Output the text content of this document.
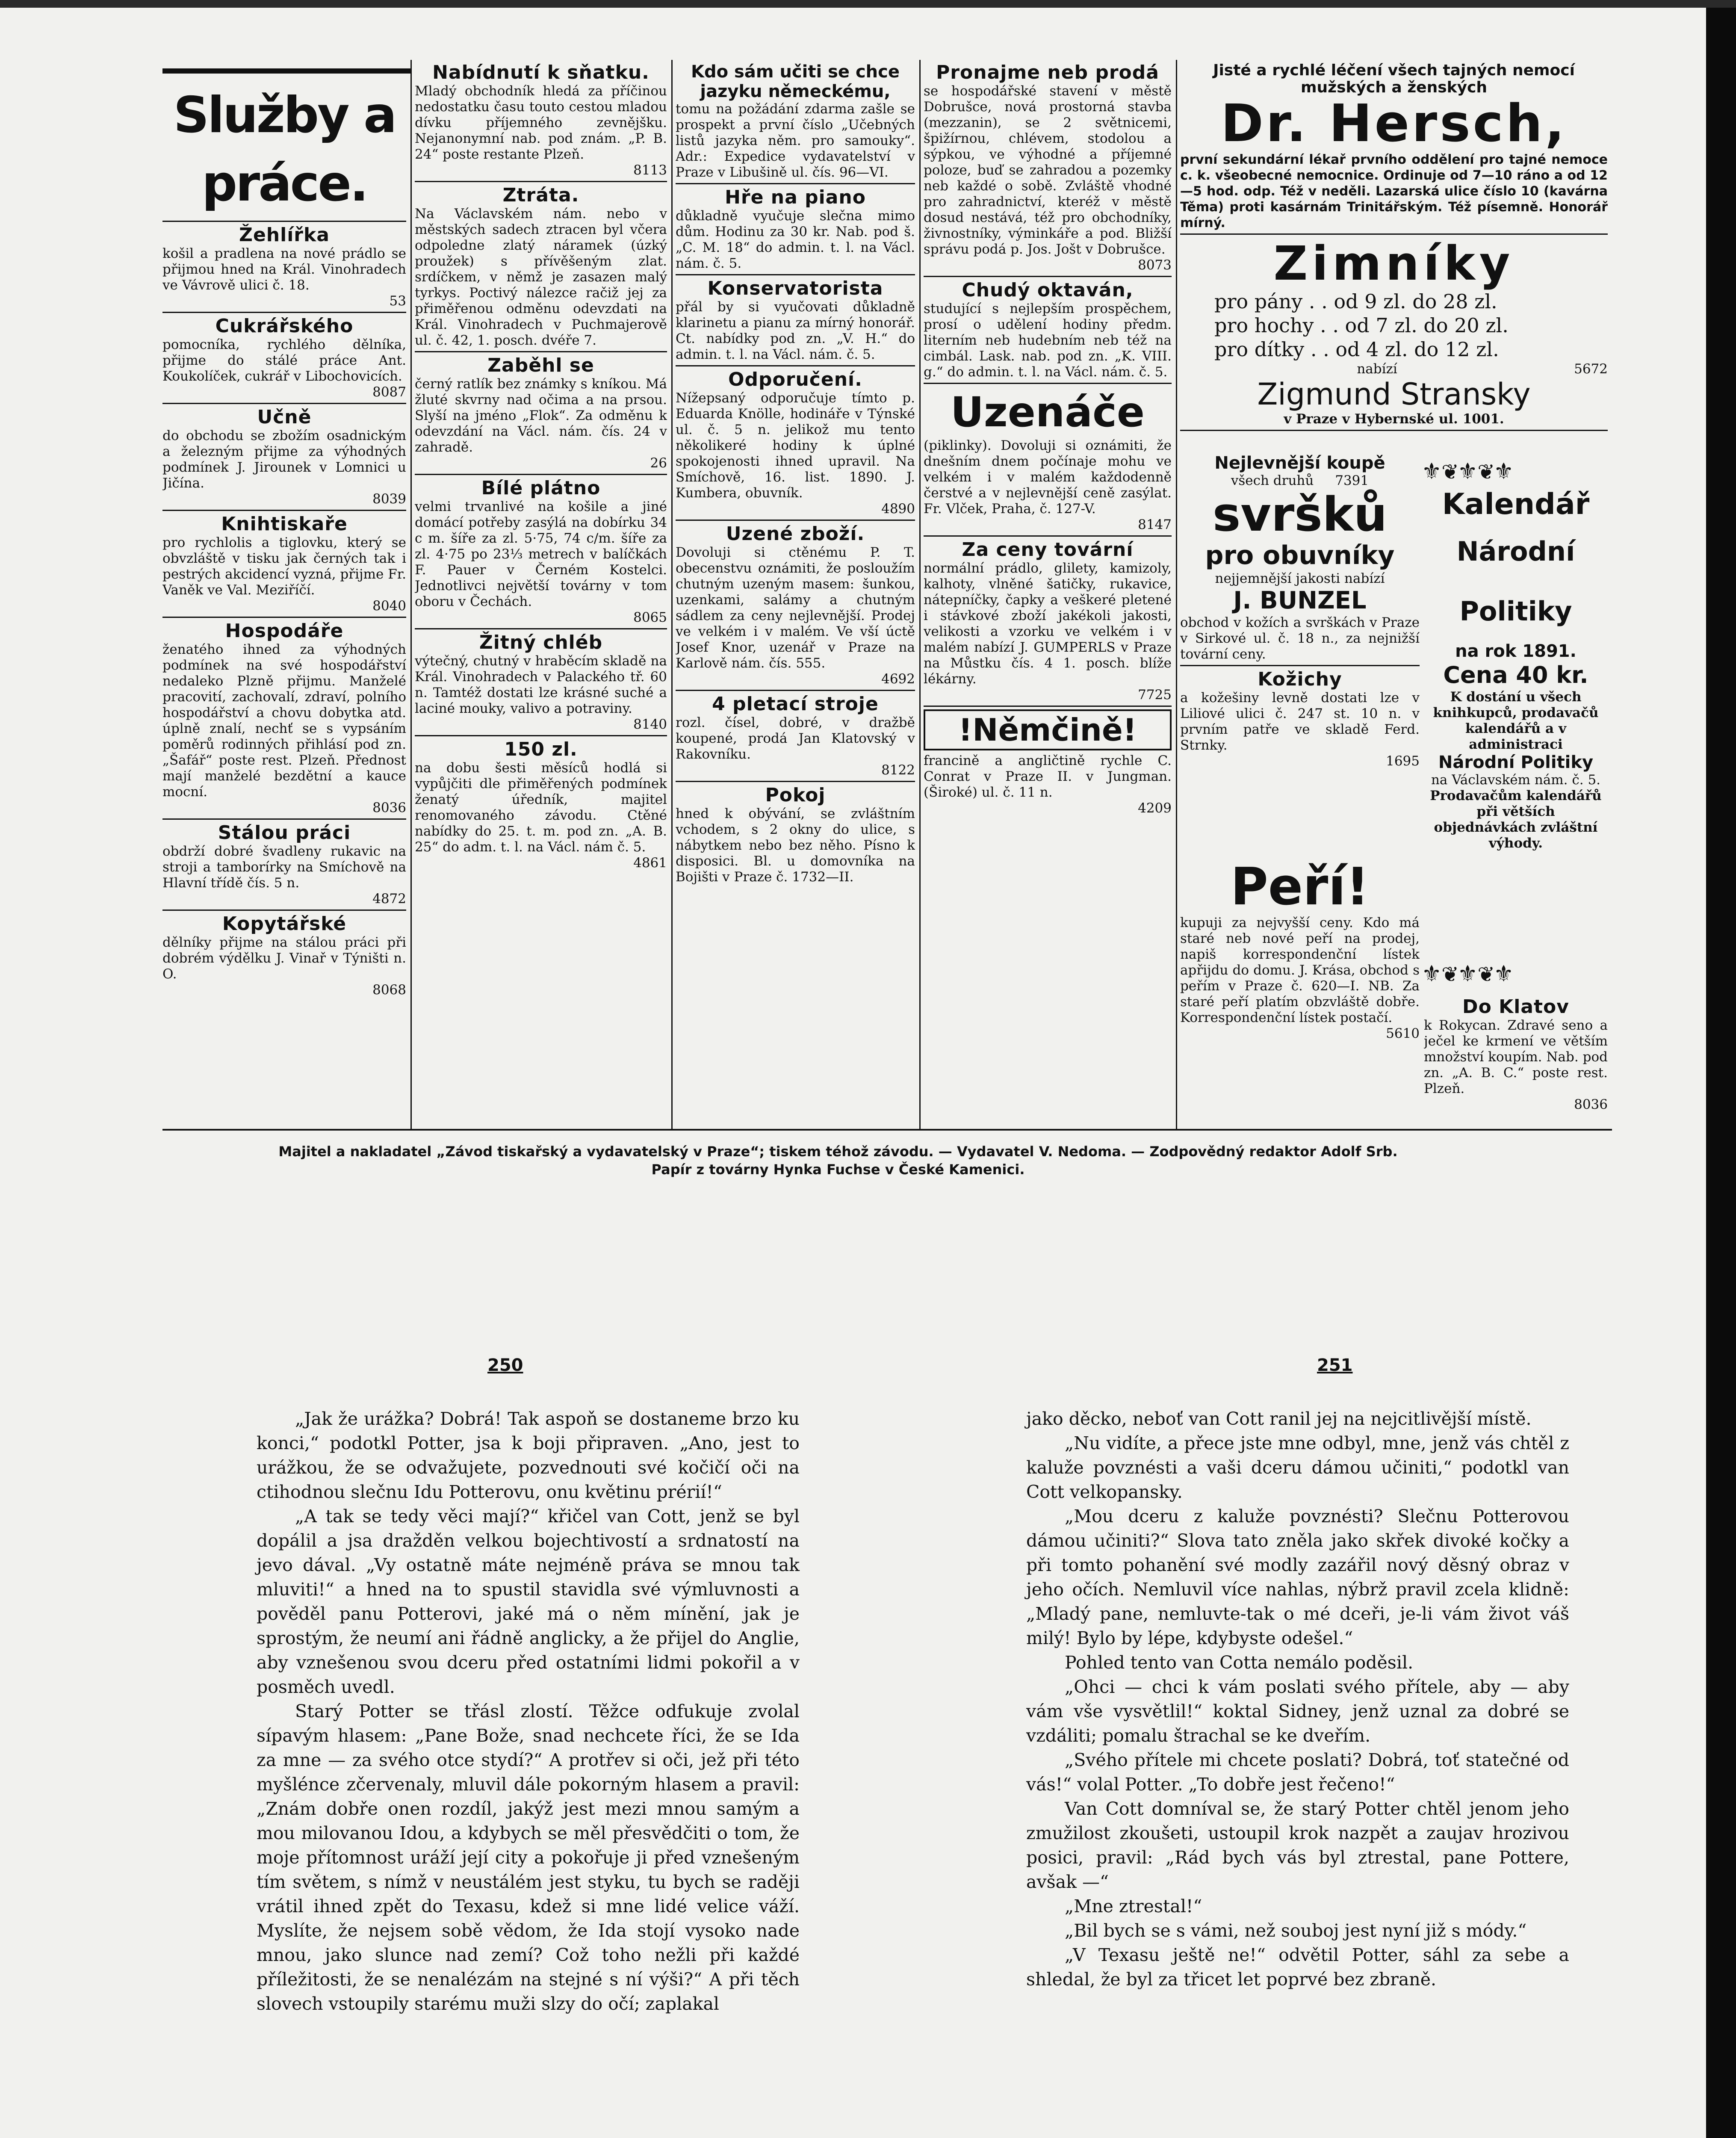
Služby a práce.
Žehlířka
košil a pradlena na nové prádlo se přijmou hned na Král. Vinohradech ve Vávrově ulici č. 18.
53
Cukrářského
pomocníka, rychlého dělníka, přijme do stálé práce Ant. Koukolíček, cukrář v Libochovicích.
8087
Učně
do obchodu se zbožím osadnickým a železným přijme za výhodných podmínek J. Jirounek v Lomnici u Jičína.
8039
Knihtiskaře
pro rychlolis a tiglovku, který se obvzláště v tisku jak černých tak i pestrých akcidencí vyzná, přijme Fr. Vaněk ve Val. Meziříčí.
8040
Hospodáře
ženatého ihned za výhodných podmínek na své hospodářství nedaleko Plzně přijmu. Manželé pracovití, zachovalí, zdraví, polního hospodářství a chovu dobytka atd. úplně znalí, nechť se s vypsáním poměrů rodinných přihlásí pod zn. „Šafář“ poste rest. Plzeň. Přednost mají manželé bezdětní a kauce mocní.
8036
Stálou práci
obdrží dobré švadleny rukavic na stroji a tamborírky na Smíchově na Hlavní třídě čís. 5 n.
4872
Kopytářské
dělníky přijme na stálou práci při dobrém výdělku J. Vinař v Týništi n. O.
8068
Nabídnutí k sňatku.
Mladý obchodník hledá za příčinou nedostatku času touto cestou mladou dívku příjemného zevnějšku. Nejanonymní nab. pod znám. „P. B. 24“ poste restante Plzeň.
8113
Ztráta.
Na Václavském nám. nebo v městských sadech ztracen byl včera odpoledne zlatý náramek (úzký proužek) s přívěšeným zlat. srdíčkem, v němž je zasazen malý tyrkys. Poctivý nálezce račiž jej za přiměřenou odměnu odevzdati na Král. Vinohradech v Puchmajerově ul. č. 42, 1. posch. dvéře 7.
Zaběhl se
černý ratlík bez známky s kníkou. Má žluté skvrny nad očima a na prsou. Slyší na jméno „Flok“. Za odměnu k odevzdání na Václ. nám. čís. 24 v zahradě.
26
Bílé plátno
velmi trvanlivé na košile a jiné domácí potřeby zasýlá na dobírku 34 c m. šíře za zl. 5·75, 74 c/m. šíře za zl. 4·75 po 23⅓ metrech v balíčkách F. Pauer v Černém Kostelci. Jednotlivci největší továrny v tom oboru v Čechách.
8065
Žitný chléb
výtečný, chutný v hraběcím skladě na Král. Vinohradech v Palackého tř. 60 n. Tamtéž dostati lze krásné suché a laciné mouky, valivo a potraviny.
8140
150 zl.
na dobu šesti měsíců hodlá si vypůjčiti dle přiměřených podmínek ženatý úředník, majitel renomovaného závodu. Ctěné nabídky do 25. t. m. pod zn. „A. B. 25“ do adm. t. l. na Václ. nám č. 5.
4861
Kdo sám učiti se chce jazyku německému,
tomu na požádání zdarma zašle se prospekt a první číslo „Učebných listů jazyka něm. pro samouky“. Adr.: Expedice vydavatelství v Praze v Libušině ul. čís. 96—VI.
Hře na piano
důkladně vyučuje slečna mimo dům. Hodinu za 30 kr. Nab. pod š. „C. M. 18“ do admin. t. l. na Václ. nám. č. 5.
Konservatorista
přál by si vyučovati důkladně klarinetu a pianu za mírný honorář. Ct. nabídky pod zn. „V. H.“ do admin. t. l. na Václ. nám. č. 5.
Odporučení.
Nížepsaný odporučuje tímto p. Eduarda Knölle, hodináře v Týnské ul. č. 5 n. jelikož mu tento několikeré hodiny k úplné spokojenosti ihned upravil. Na Smíchově, 16. list. 1890. J. Kumbera, obuvník.
4890
Uzené zboží.
Dovoluji si ctěnému P. T. obecenstvu oznámiti, že posloužím chutným uzeným masem: šunkou, uzenkami, salámy a chutným sádlem za ceny nejlevnější. Prodej ve velkém i v malém. Ve vší úctě Josef Knor, uzenář v Praze na Karlově nám. čís. 555.
4692
4 pletací stroje
rozl. čísel, dobré, v dražbě koupené, prodá Jan Klatovský v Rakovníku.
8122
Pokoj
hned k obývání, se zvláštním vchodem, s 2 okny do ulice, s nábytkem nebo bez něho. Písno k disposici. Bl. u domovníka na Bojišti v Praze č. 1732—II.
Pronajme neb prodá
se hospodářské stavení v městě Dobrušce, nová prostorná stavba (mezzanin), se 2 světnicemi, špižírnou, chlévem, stodolou a sýpkou, ve výhodné a příjemné poloze, buď se zahradou a pozemky neb každé o sobě. Zvláště vhodné pro zahradnictví, kteréž v městě dosud nestává, též pro obchodníky, živnostníky, výminkáře a pod. Bližší správu podá p. Jos. Jošt v Dobrušce.
8073
Chudý oktaván,
studující s nejlepším prospěchem, prosí o udělení hodiny předm. literním neb hudebním neb též na cimbál. Lask. nab. pod zn. „K. VIII. g.“ do admin. t. l. na Václ. nám. č. 5.
Uzenáče
(piklinky). Dovoluji si oznámiti, že dnešním dnem počínaje mohu ve velkém i v malém každodenně čerstvé a v nejlevnější ceně zasýlat. Fr. Vlček, Praha, č. 127-V.
8147
Za ceny tovární
normální prádlo, glilety, kamizoly, kalhoty, vlněné šatičky, rukavice, nátepníčky, čapky a veškeré pletené i stávkové zboží jakékoli jakosti, velikosti a vzorku ve velkém i v malém nabízí J. GUMPERLS v Praze na Můstku čís. 4 1. posch. blíže lékárny.
7725
!Němčině!
francině a angličtině rychle C. Conrat v Praze II. v Jungman. (Široké) ul. č. 11 n.
4209
Jisté a rychlé léčení všech tajných nemocí mužských a ženských
Dr. Hersch,
první sekundární lékař prvního oddělení pro tajné nemoce c. k. všeobecné nemocnice. Ordinuje od 7—10 ráno a od 12—5 hod. odp. Též v neděli. Lazarská ulice číslo 10 (kavárna Těma) proti kasárnám Trinitářským. Též písemně. Honorář mírný.
Zimníky
pro pány . . od 9 zl. do 28 zl.
pro hochy . . od 7 zl. do 20 zl.
pro dítky . . od 4 zl. do 12 zl.
nabízí	5672
Zigmund Stransky
v Praze v Hybernské ul. 1001.
Nejlevnější koupě
všech druhů 7391
svršků
pro obuvníky
nejjemnější jakosti nabízí
J. BUNZEL
obchod v kožích a svrškách v Praze v Sirkové ul. č. 18 n., za nejnižší tovární ceny.
Kožichy
a kožešiny levně dostati lze v Liliové ulici č. 247 st. 10 n. v prvním patře ve skladě Ferd. Strnky.
1695
⚜❦⚜❦⚜
Kalendář
Národní Politiky
na rok 1891.
Cena 40 kr.
K dostání u všech knihkupců, prodavačů kalendářů a v administraci
Národní Politiky
na Václavském nám. č. 5.
Prodavačům kalendářů při větších objednávkách zvláštní výhody.
Peří!
kupuji za nejvyšší ceny. Kdo má staré neb nové peří na prodej, napiš korrespondenční lístek apřijdu do domu. J. Krása, obchod s peřím v Praze č. 620—I. NB. Za staré peří platím obzvláště dobře. Korrespondenční lístek postačí.
5610
⚜❦⚜❦⚜
Do Klatov
k Rokycan. Zdravé seno a ječel ke krmení ve větším množství koupím. Nab. pod zn. „A. B. C.“ poste rest. Plzeň.
8036
Majitel a nakladatel „Závod tiskařský a vydavatelský v Praze“; tiskem téhož závodu. — Vydavatel V. Nedoma. — Zodpovědný redaktor Adolf Srb.
Papír z továrny Hynka Fuchse v České Kamenici.
250	251

„Jak že urážka? Dobrá! Tak aspoň se dostaneme brzo ku konci,“ podotkl Potter, jsa k boji připraven. „Ano, jest to urážkou, že se odvažujete, pozvednouti své kočičí oči na ctihodnou slečnu Idu Potterovu, onu květinu prérií!“

„A tak se tedy věci mají?“ křičel van Cott, jenž se byl dopálil a jsa dražděn velkou bojechtivostí a srdnatostí na jevo dával. „Vy ostatně máte nejméně práva se mnou tak mluviti!“ a hned na to spustil stavidla své výmluvnosti a pověděl panu Potterovi, jaké má o něm mínění, jak je sprostým, že neumí ani řádně anglicky, a že přijel do Anglie, aby vznešenou svou dceru před ostatními lidmi pokořil a v posměch uvedl.

Starý Potter se třásl zlostí. Těžce odfukuje zvolal sípavým hlasem: „Pane Bože, snad nechcete říci, že se Ida za mne — za svého otce stydí?“ A protřev si oči, jež při této myšlénce zčervenaly, mluvil dále pokorným hlasem a pravil: „Znám dobře onen rozdíl, jakýž jest mezi mnou samým a mou milovanou Idou, a kdybych se měl přesvědčiti o tom, že moje přítomnost uráží její city a pokořuje ji před vznešeným tím světem, s nímž v neustálém jest styku, tu bych se raději vrátil ihned zpět do Texasu, kdež si mne lidé velice váží. Myslíte, že nejsem sobě vědom, že Ida stojí vysoko nade mnou, jako slunce nad zemí? Což toho nežli při každé příležitosti, že se nenalézám na stejné s ní výši?“ A při těch slovech vstoupily starému muži slzy do očí; zaplakal

jako děcko, neboť van Cott ranil jej na nejcitlivější místě.

„Nu vidíte, a přece jste mne odbyl, mne, jenž vás chtěl z kaluže povznésti a vaši dceru dámou učiniti,“ podotkl van Cott velkopansky.

„Mou dceru z kaluže povznésti? Slečnu Potterovou dámou učiniti?“ Slova tato zněla jako skřek divoké kočky a při tomto pohanění své modly zazářil nový děsný obraz v jeho očích. Nemluvil více nahlas, nýbrž pravil zcela klidně: „Mladý pane, nemluvte-tak o mé dceři, je-li vám život váš milý! Bylo by lépe, kdybyste odešel.“

Pohled tento van Cotta nemálo poděsil.

„Ohci — chci k vám poslati svého přítele, aby — aby vám vše vysvětlil!“ koktal Sidney, jenž uznal za dobré se vzdáliti; pomalu štrachal se ke dveřím.

„Svého přítele mi chcete poslati? Dobrá, toť statečné od vás!“ volal Potter. „To dobře jest řečeno!“

Van Cott domníval se, že starý Potter chtěl jenom jeho zmužilost zkoušeti, ustoupil krok nazpět a zaujav hrozivou posici, pravil: „Rád bych vás byl ztrestal, pane Pottere, avšak —“

„Mne ztrestal!“

„Bil bych se s vámi, než souboj jest nyní již s módy.“

„V Texasu ještě ne!“ odvětil Potter, sáhl za sebe a shledal, že byl za třicet let poprvé bez zbraně.
